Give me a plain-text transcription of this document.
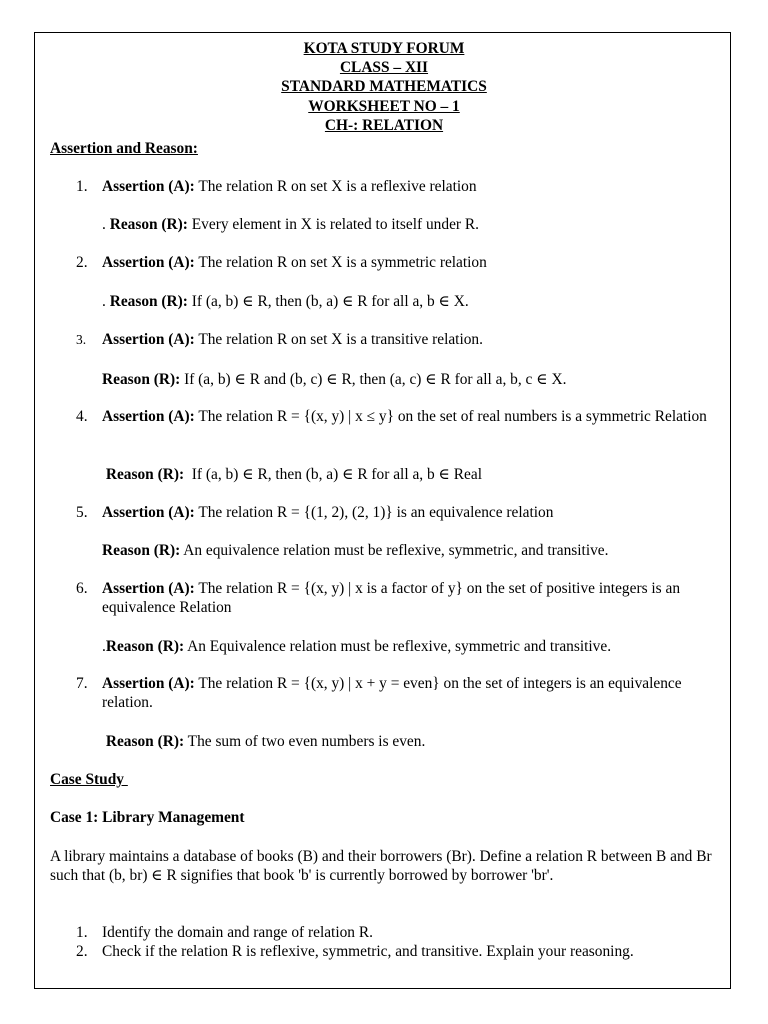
KOTA STUDY FORUM
CLASS – XII
STANDARD MATHEMATICS
WORKSHEET NO – 1
CH-: RELATION
Assertion and Reason:
1. Assertion (A): The relation R on set X is a reflexive relation
. Reason (R): Every element in X is related to itself under R.
2. Assertion (A): The relation R on set X is a symmetric relation
. Reason (R): If (a, b) ∈ R, then (b, a) ∈ R for all a, b ∈ X.
3.	Assertion (A): The relation R on set X is a transitive relation.
Reason (R): If (a, b) ∈ R and (b, c) ∈ R, then (a, c) ∈ R for all a, b, c ∈ X.
4. Assertion (A): The relation R = {(x, y) | x ≤ y} on the set of real numbers is a symmetric Relation
Reason (R):  If (a, b) ∈ R, then (b, a) ∈ R for all a, b ∈ Real
5. Assertion (A): The relation R = {(1, 2), (2, 1)} is an equivalence relation
Reason (R): An equivalence relation must be reflexive, symmetric, and transitive.
6. Assertion (A): The relation R = {(x, y) | x is a factor of y} on the set of positive integers is an equivalence Relation
.Reason (R): An Equivalence relation must be reflexive, symmetric and transitive.
7. Assertion (A): The relation R = {(x, y) | x + y = even} on the set of integers is an equivalence relation.
Reason (R): The sum of two even numbers is even.
Case Study
Case 1: Library Management
A library maintains a database of books (B) and their borrowers (Br). Define a relation R between B and Br such that (b, br) ∈ R signifies that book 'b' is currently borrowed by borrower 'br'.
1. Identify the domain and range of relation R.
2. Check if the relation R is reflexive, symmetric, and transitive. Explain your reasoning.
